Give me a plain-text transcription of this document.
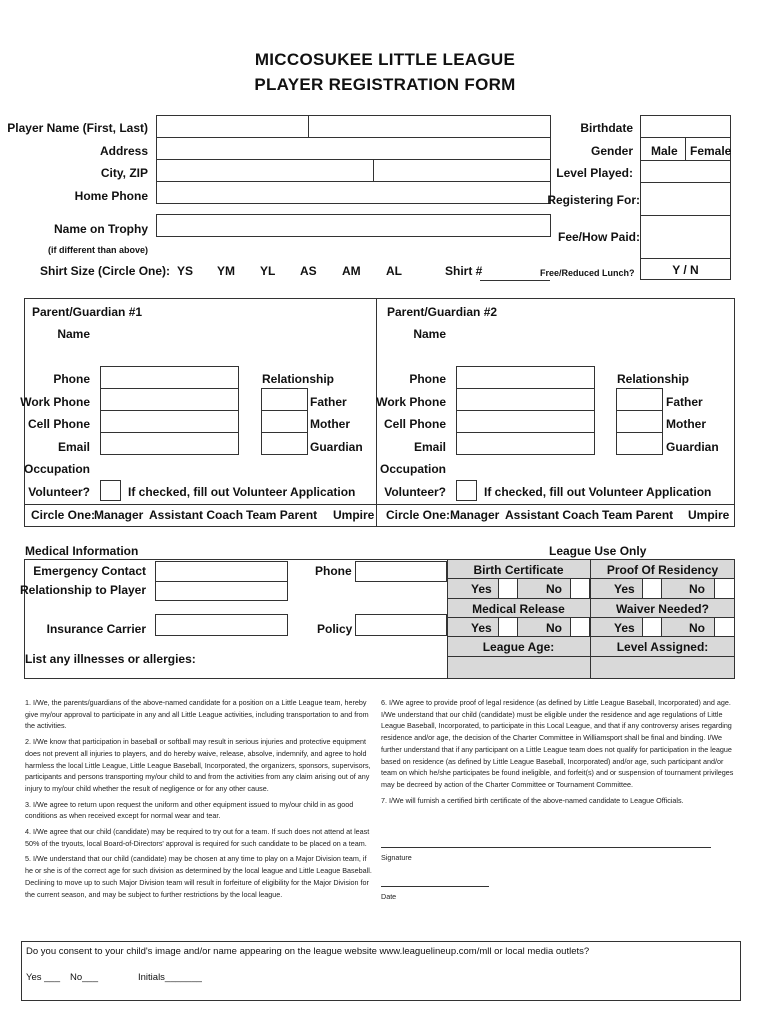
MICCOSUKEE LITTLE LEAGUE
PLAYER REGISTRATION FORM
Player Name (First, Last)
Address
City, ZIP
Home Phone
Name on Trophy
(if different than above)
Shirt Size (Circle One): YS YM YL AS AM AL	Shirt #
Birthdate
Gender
Level Played:
Registering For:
Fee/How Paid:
Free/Reduced Lunch?
Male Female
Y / N
Parent/Guardian #1
Name
Phone
Work Phone
Cell Phone
Email
Occupation
Volunteer?	If checked, fill out Volunteer Application
Relationship
Father
Mother
Guardian
Parent/Guardian #2
Name
Phone
Work Phone
Cell Phone
Email
Occupation
Volunteer?	If checked, fill out Volunteer Application
Relationship
Father
Mother
Guardian
Circle One:
Manager Assistant Coach Team Parent Umpire Circle One: Manager Assistant Coach Team Parent Umpire
Medical Information	League Use Only
Emergency Contact
Relationship to Player
Insurance Carrier
List any illnesses or allergies:
Phone
Policy
Birth Certificate	Proof Of Residency
Yes	No	Yes	No
Medical Release	Waiver Needed?
Yes	No	Yes	No
League Age:	Level Assigned:

1. I/We, the parents/guardians of the above-named candidate for a position on a Little League team, hereby give my/our approval to participate in any and all Little League activities, including transportation to and from the activities.

2. I/We know that participation in baseball or softball may result in serious injuries and protective equipment does not prevent all injuries to players, and do hereby waive, release, absolve, indemnify, and agree to hold harmless the local Little League, Little League Baseball, Incorporated, the organizers, sponsors, supervisors, participants and persons transporting my/our child to and from the activities from any claim arising out of any injury to my/our child whether the result of negligence or for any other cause.

3. I/We agree to return upon request the uniform and other equipment issued to my/our child in as good conditions as when received except for normal wear and tear.

4. I/We agree that our child (candidate) may be required to try out for a team. If such does not attend at least 50% of the tryouts, local Board-of-Directors' approval is required for such candidate to be placed on a team.

5. I/We understand that our child (candidate) may be chosen at any time to play on a Major Division team, if he or she is of the correct age for such division as determined by the local league and Little League Baseball. Declining to move up to such Major Division team will result in forfeiture of eligibility for the Major Division for the current season, and may be subject to further restrictions by the local league.

6. I/We agree to provide proof of legal residence (as defined by Little League Baseball, Incorporated) and age. I/We understand that our child (candidate) must be eligible under the residence and age regulations of Little League Baseball, Incorporated, to participate in this Local League, and that if any controversy arises regarding residence and/or age, the decision of the Charter Committee in Williamsport shall be final and binding. I/We further understand that if any participant on a Little League team does not qualify for participation in the league based on residence (as defined by Little League Baseball, Incorporated) and/or age, such participant and/or team on which he/she participates be found ineligible, and forfeit(s) and or suspension of tournament privileges may be decreed by action of the Charter Committee or Tournament Committee.

7. I/We will furnish a certified birth certificate of the above-named candidate to League Officials.

Signature
Date
Do you consent to your child's image and/or name appearing on the league website www.leaguelineup.com/mll or local media outlets?
Yes ___ No___	Initials_______
